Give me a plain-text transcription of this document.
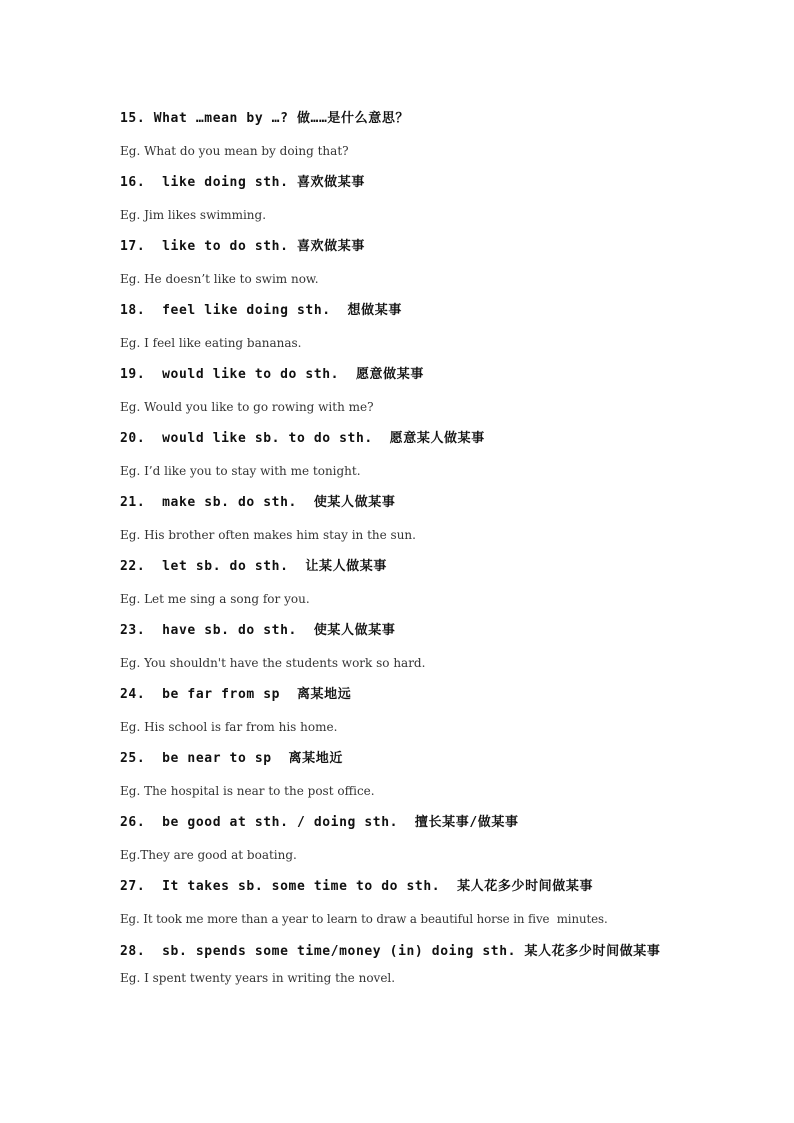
15. What …mean by …? 做……是什么意思？

Eg. What do you mean by doing that?

16.  like doing sth. 喜欢做某事

Eg. Jim likes swimming.

17.  like to do sth. 喜欢做某事

Eg. He doesn’t like to swim now.

18.  feel like doing sth.  想做某事

Eg. I feel like eating bananas.

19.  would like to do sth.  愿意做某事

Eg. Would you like to go rowing with me?

20.  would like sb. to do sth.  愿意某人做某事

Eg. I’d like you to stay with me tonight.

21.  make sb. do sth.  使某人做某事

Eg. His brother often makes him stay in the sun.

22.  let sb. do sth.  让某人做某事

Eg. Let me sing a song for you.

23.  have sb. do sth.  使某人做某事

Eg. You shouldn't have the students work so hard.

24.  be far from sp  离某地远

Eg. His school is far from his home.

25.  be near to sp  离某地近

Eg. The hospital is near to the post office.

26.  be good at sth. / doing sth.  擅长某事/做某事

Eg.They are good at boating.

27.  It takes sb. some time to do sth.  某人花多少时间做某事

Eg. It took me more than a year to learn to draw a beautiful horse in five  minutes.

28.  sb. spends some time/money (in) doing sth. 某人花多少时间做某事

Eg. I spent twenty years in writing the novel.
